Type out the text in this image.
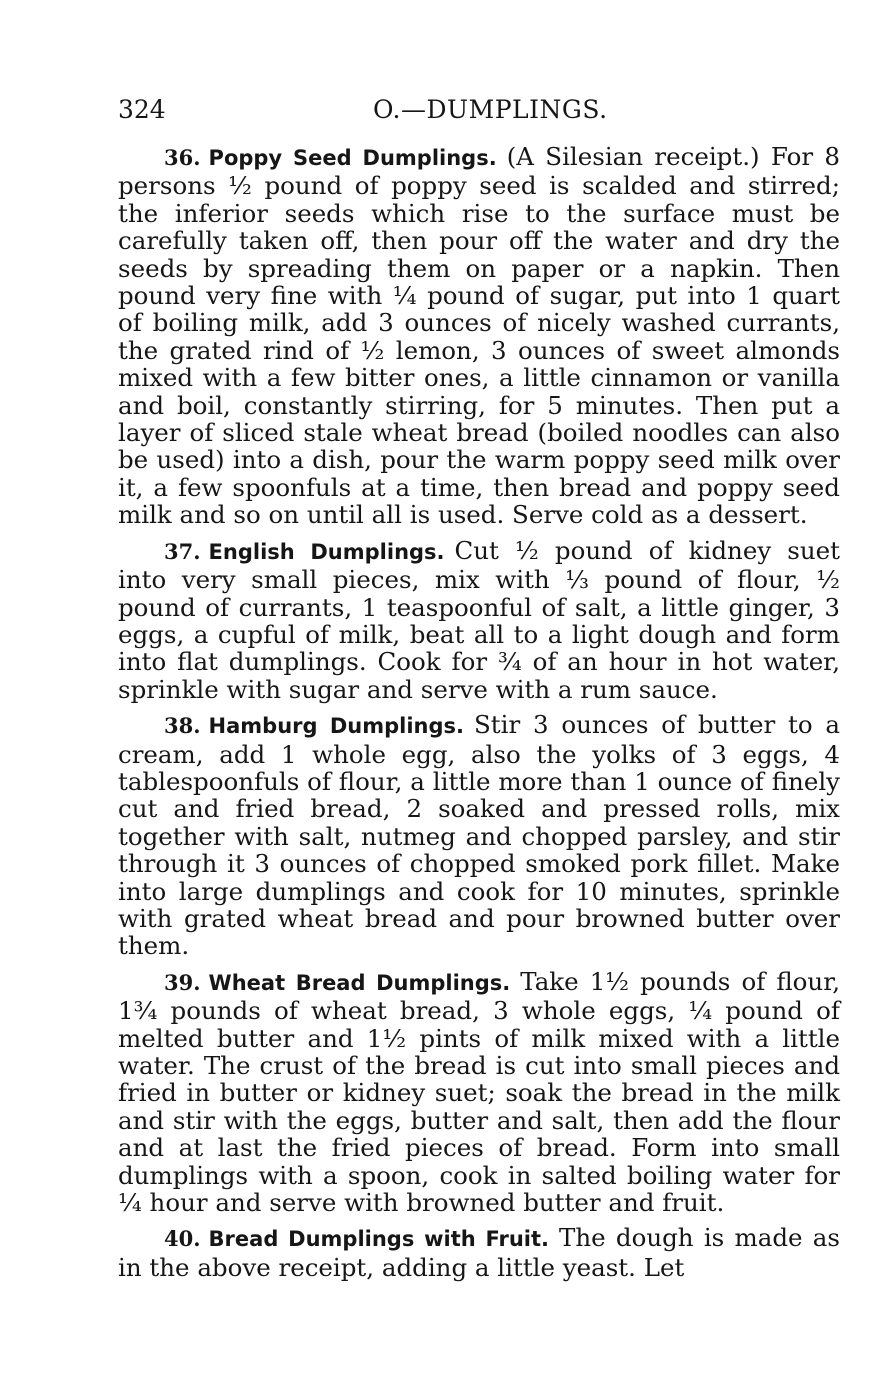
324	O.—DUMPLINGS.

36. Poppy Seed Dumplings. (A Silesian receipt.) For 8 persons ½ pound of poppy seed is scalded and stirred; the inferior seeds which rise to the surface must be carefully taken off, then pour off the water and dry the seeds by spreading them on paper or a napkin. Then pound very fine with ¼ pound of sugar, put into 1 quart of boiling milk, add 3 ounces of nicely washed currants, the grated rind of ½ lemon, 3 ounces of sweet almonds mixed with a few bitter ones, a little cinnamon or vanilla and boil, constantly stirring, for 5 minutes. Then put a layer of sliced stale wheat bread (boiled noodles can also be used) into a dish, pour the warm poppy seed milk over it, a few spoonfuls at a time, then bread and poppy seed milk and so on until all is used. Serve cold as a dessert.

37. English Dumplings. Cut ½ pound of kidney suet into very small pieces, mix with ⅓ pound of flour, ½ pound of currants, 1 teaspoonful of salt, a little ginger, 3 eggs, a cupful of milk, beat all to a light dough and form into flat dumplings. Cook for ¾ of an hour in hot water, sprinkle with sugar and serve with a rum sauce.

38. Hamburg Dumplings. Stir 3 ounces of butter to a cream, add 1 whole egg, also the yolks of 3 eggs, 4 tablespoonfuls of flour, a little more than 1 ounce of finely cut and fried bread, 2 soaked and pressed rolls, mix together with salt, nutmeg and chopped parsley, and stir through it 3 ounces of chopped smoked pork fillet. Make into large dumplings and cook for 10 minutes, sprinkle with grated wheat bread and pour browned butter over them.

39. Wheat Bread Dumplings. Take 1½ pounds of flour, 1¾ pounds of wheat bread, 3 whole eggs, ¼ pound of melted butter and 1½ pints of milk mixed with a little water. The crust of the bread is cut into small pieces and fried in butter or kidney suet; soak the bread in the milk and stir with the eggs, butter and salt, then add the flour and at last the fried pieces of bread. Form into small dumplings with a spoon, cook in salted boiling water for ¼ hour and serve with browned butter and fruit.

40. Bread Dumplings with Fruit. The dough is made as in the above receipt, adding a little yeast. Let
